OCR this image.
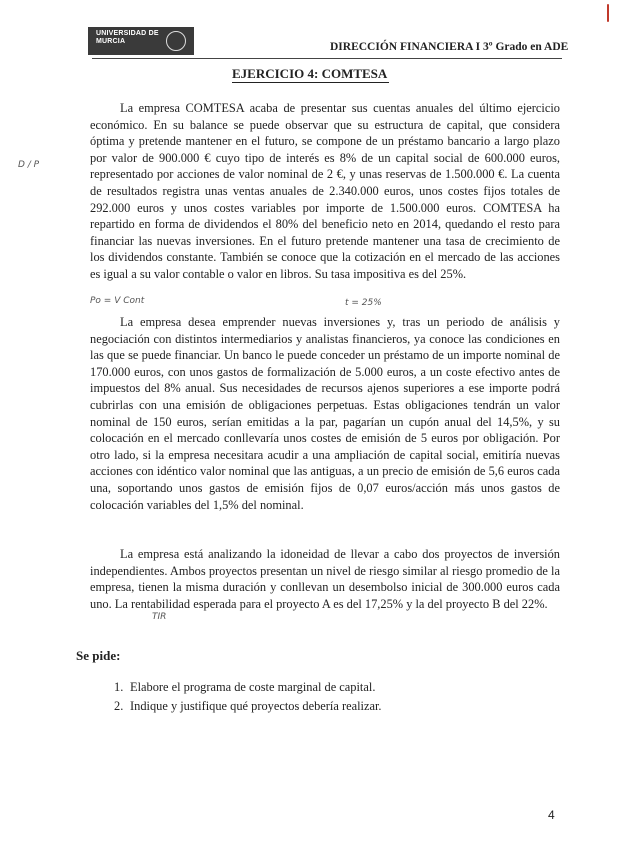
UNIVERSIDAD DE
MURCIA	DIRECCIÓN FINANCIERA I 3º Grado en ADE
EJERCICIO 4: COMTESA

La empresa COMTESA acaba de presentar sus cuentas anuales del último ejercicio económico. En su balance se puede observar que su estructura de capital, que considera óptima y pretende mantener en el futuro, se compone de un préstamo bancario a largo plazo por valor de 900.000 € cuyo tipo de interés es 8% de un capital social de 600.000 euros, representado por acciones de valor nominal de 2 €, y unas reservas de 1.500.000 €. La cuenta de resultados registra unas ventas anuales de 2.340.000 euros, unos costes fijos totales de 292.000 euros y unos costes variables por importe de 1.500.000 euros. COMTESA ha repartido en forma de dividendos el 80% del beneficio neto en 2014, quedando el resto para financiar las nuevas inversiones. En el futuro pretende mantener una tasa de crecimiento de los dividendos constante. También se conoce que la cotización en el mercado de las acciones es igual a su valor contable o valor en libros. Su tasa impositiva es del 25%.

La empresa desea emprender nuevas inversiones y, tras un periodo de análisis y negociación con distintos intermediarios y analistas financieros, ya conoce las condiciones en las que se puede financiar. Un banco le puede conceder un préstamo de un importe nominal de 170.000 euros, con unos gastos de formalización de 5.000 euros, a un coste efectivo antes de impuestos del 8% anual. Sus necesidades de recursos ajenos superiores a ese importe podrá cubrirlas con una emisión de obligaciones perpetuas. Estas obligaciones tendrán un valor nominal de 150 euros, serían emitidas a la par, pagarían un cupón anual del 14,5%, y su colocación en el mercado conllevaría unos costes de emisión de 5 euros por obligación. Por otro lado, si la empresa necesitara acudir a una ampliación de capital social, emitiría nuevas acciones con idéntico valor nominal que las antiguas, a un precio de emisión de 5,6 euros cada una, soportando unos gastos de emisión fijos de 0,07 euros/acción más unos gastos de colocación variables del 1,5% del nominal.

La empresa está analizando la idoneidad de llevar a cabo dos proyectos de inversión independientes. Ambos proyectos presentan un nivel de riesgo similar al riesgo promedio de la empresa, tienen la misma duración y conllevan un desembolso inicial de 300.000 euros cada uno. La rentabilidad esperada para el proyecto A es del 17,25% y la del proyecto B del 22%.

Se pide:
1. Elabore el programa de coste marginal de capital.
2. Indique y justifique qué proyectos debería realizar.
4
D / P
Po = V Cont	t = 25%
TIR
